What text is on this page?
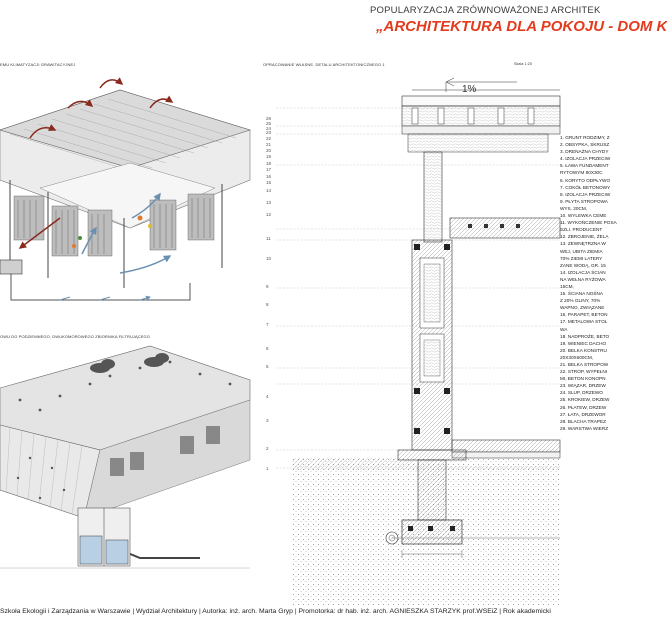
POPULARYZACJA ZRÓWNOWAŻONEJ ARCHITEK
„ARCHITEKTURA DLA POKOJU - DOM K
EMU KLIMATYZACJI GRAWITACYJNEJ
OWU DO PODZIEMNEGO, DWUKOMOROWEGO ZBIORNIKA FILTRUJĄCEGO
OPRACOWANIE WŁASNE. DETALU ARCHITEKTONICZNEGO 1	Skala 1:20
26
25
24
23
22
21
20
19
18
17
16
15
14
13
12
11
10
9
8
7
6
5
4
3
2
1
1%
1. GRUNT RODZIMY, Z
2. OBSYPKA, SKRUSZ
3. DRENAŻNA CHYDY
4. IZOLACJA PRZECIW
5. ŁAWA FUNDAMENT
RYTOWYM 80X30C
6. KORYTO ODPŁYWO
7. COKÓŁ BETONOWY
8. IZOLACJA PRZECIW
9. PŁYTA STROPOWA
WYS. 20CM,
10. WYLEWKA CEME
11. WYKOŃCZENIE POSA
SZLI. PRODUCENT
12. ZBROJENIE, ŻELA
13. ZEWNĘTRZNA W
WEJ, UBITA ZIEMIA
70% ZIEMI LATERY
ZANE WODĄ, GR. 15
14. IZOLACJA ŚCIAN
NA WEŁNA RYŻOWA
15CM,
15. ŚCIANA NOŚNA
Z 20% GLINY, 70%
WAPNO, ZWIĄZANE
16. PARAPET, BETON
17. METALOWA STOL
WA
18. NADPROŻE, BETO
19. WIENIEC DACHO
20. BELKA KONSTRU
20X30X600CM,
21. BELKA STROPOW
22. STROP, WYPEŁNI
MI, BETON KONOPN
23. WIĄZAR, DRZEW
24. SLUP, DRZEWO
25. KROKIEW, DRZEW
26. PŁATEW, DRZEW
27. ŁATA, DRZEWOR
28. BLACHA TRAPEZ
29. WARSTWA WIERZ
Szkoła Ekologii i Zarządzania w Warszawie | Wydział Architektury | Autorka: inż. arch. Marta Gryp | Promotorka: dr hab. inż. arch. AGNIESZKA STARZYK prof.WSEiZ | Rok akademicki
